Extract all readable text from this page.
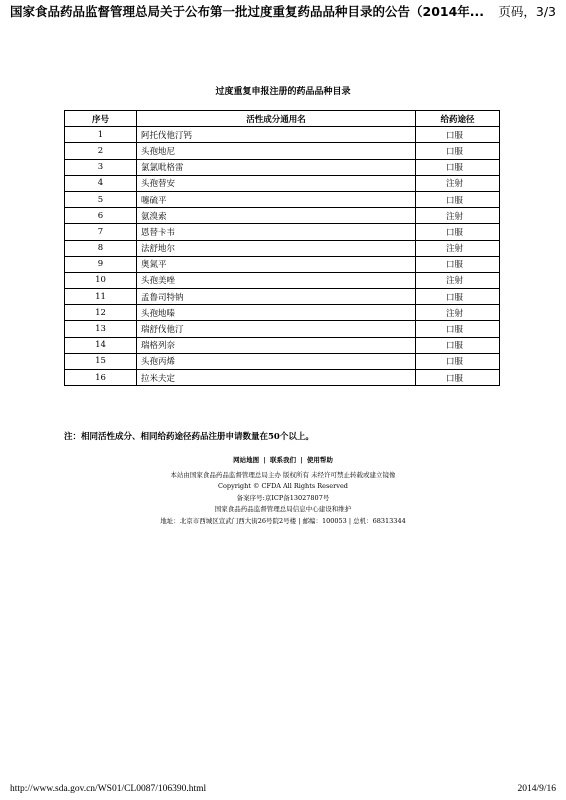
国家食品药品监督管理总局关于公布第一批过度重复药品品种目录的公告（2014年... 页码，3/3
过度重复申报注册的药品品种目录
序号	活性成分通用名	给药途径
1	阿托伐他汀钙	口服
2	头孢地尼	口服
3	氯氯吡格雷	口服
4	头孢替安	注射
5	噻硫平	口服
6	氨溴索	注射
7	恩替卡韦	口服
8	法舒地尔	注射
9	奥氮平	口服
10	头孢美唑	注射
11	孟鲁司特钠	口服
12	头孢地嗪	注射
13	瑞舒伐他汀	口服
14	瑞格列奈	口服
15	头孢丙烯	口服
16	拉米夫定	口服
注：相同活性成分、相同给药途径药品注册申请数量在50个以上。
网站地图 | 联系我们 | 使用帮助
本站由国家食品药品监督管理总局主办 版权所有 未经许可禁止转载或建立镜像
Copyright © CFDA All Rights Reserved
备案序号:京ICP备13027807号
国家食品药品监督管理总局信息中心建设和维护
地址：北京市西城区宣武门西大街26号院2号楼 | 邮编：100053 | 总机：68313344
http://www.sda.gov.cn/WS01/CL0087/106390.html	2014/9/16
